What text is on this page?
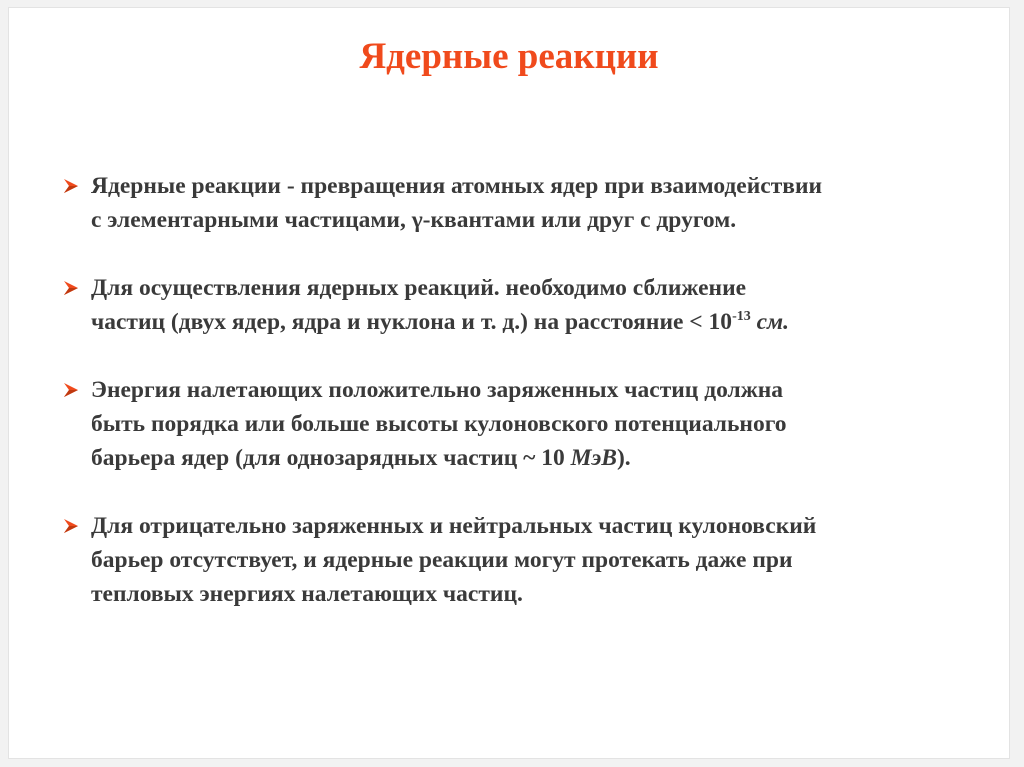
Ядерные реакции
Ядерные реакции - превращения атомных ядер при взаимодействии
с элементарными частицами, γ-квантами или друг с другом.
Для осуществления ядерных реакций. необходимо сближение
частиц (двух ядер, ядра и нуклона и т. д.) на расстояние < $10^{-13}$ см.
Энергия налетающих положительно заряженных частиц должна
быть порядка или больше высоты кулоновского потенциального
барьера ядер (для однозарядных частиц ~ 10 МэВ).
Для отрицательно заряженных и нейтральных частиц кулоновский
барьер отсутствует, и ядерные реакции могут протекать даже при
тепловых энергиях налетающих частиц.
